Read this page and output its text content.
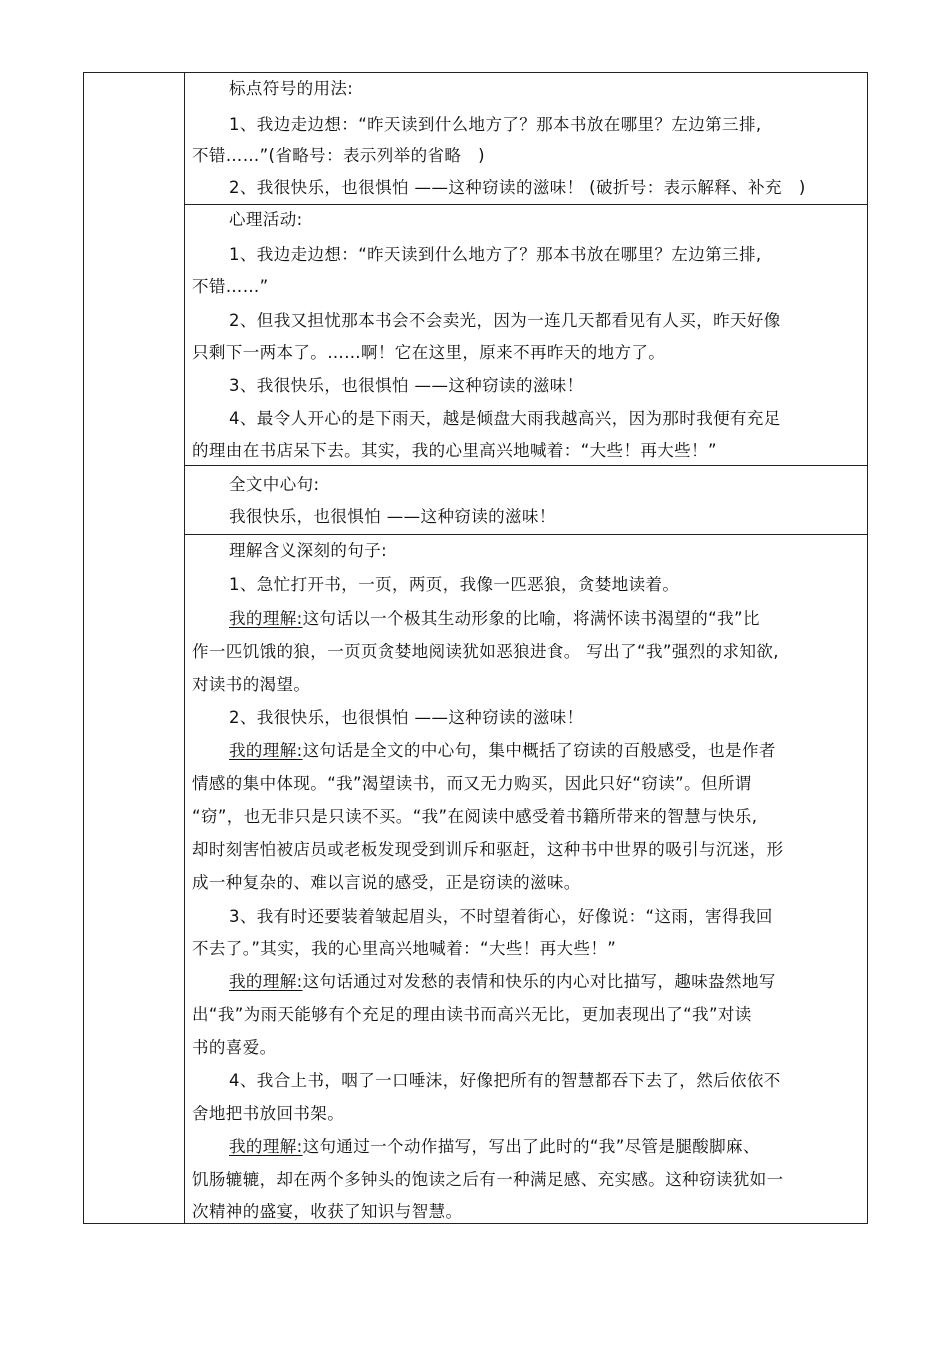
标点符号的用法:
1、我边走边想：“昨天读到什么地方了？那本书放在哪里？左边第三排,
不错……”(省略号：表示列举的省略　)
2、我很快乐，也很惧怕 ——这种窃读的滋味！ (破折号：表示解释、补充　)
心理活动:
1、我边走边想：“昨天读到什么地方了？那本书放在哪里？左边第三排,
不错……”
2、但我又担忧那本书会不会卖光，因为一连几天都看见有人买，昨天好像
只剩下一两本了。……啊！它在这里，原来不再昨天的地方了。
3、我很快乐，也很惧怕 ——这种窃读的滋味！
4、最令人开心的是下雨天，越是倾盘大雨我越高兴，因为那时我便有充足
的理由在书店呆下去。其实，我的心里高兴地喊着：“大些！再大些！”
全文中心句:
我很快乐，也很惧怕 ——这种窃读的滋味！
理解含义深刻的句子:
1、急忙打开书，一页，两页，我像一匹恶狼，贪婪地读着。
我的理解:这句话以一个极其生动形象的比喻，将满怀读书渴望的“我”比
作一匹饥饿的狼，一页页贪婪地阅读犹如恶狼进食。 写出了“我”强烈的求知欲,
对读书的渴望。
2、我很快乐，也很惧怕 ——这种窃读的滋味！
我的理解:这句话是全文的中心句，集中概括了窃读的百般感受，也是作者
情感的集中体现。“我”渴望读书，而又无力购买，因此只好“窃读”。但所谓
“窃”，也无非只是只读不买。“我”在阅读中感受着书籍所带来的智慧与快乐,
却时刻害怕被店员或老板发现受到训斥和驱赶，这种书中世界的吸引与沉迷，形
成一种复杂的、难以言说的感受，正是窃读的滋味。
3、我有时还要装着皱起眉头，不时望着街心，好像说：“这雨，害得我回
不去了。”其实，我的心里高兴地喊着：“大些！再大些！”
我的理解:这句话通过对发愁的表情和快乐的内心对比描写，趣味盎然地写
出“我”为雨天能够有个充足的理由读书而高兴无比，更加表现出了“我”对读
书的喜爱。
4、我合上书，咽了一口唾沫，好像把所有的智慧都吞下去了，然后依依不
舍地把书放回书架。
我的理解:这句通过一个动作描写，写出了此时的“我”尽管是腿酸脚麻、
饥肠辘辘，却在两个多钟头的饱读之后有一种满足感、充实感。这种窃读犹如一
次精神的盛宴，收获了知识与智慧。
